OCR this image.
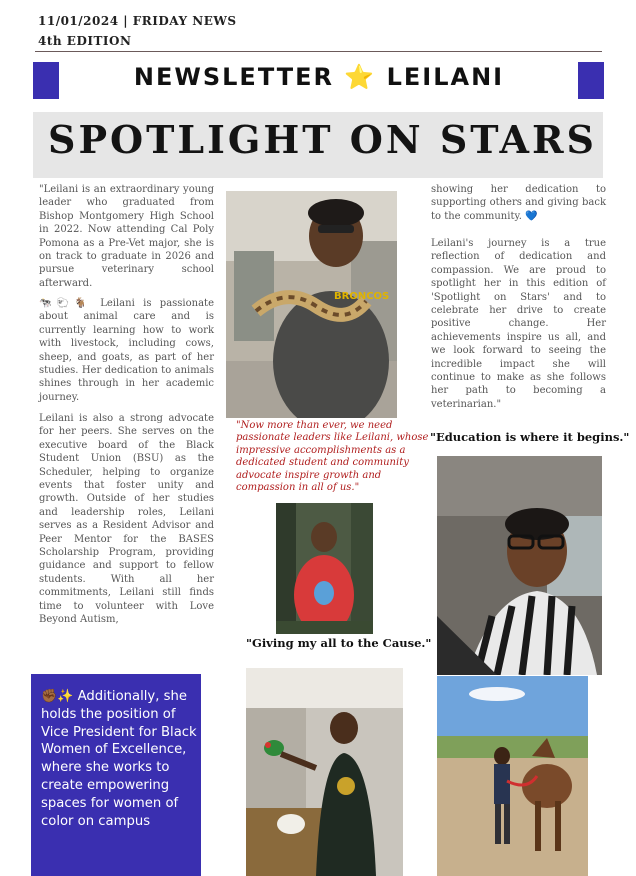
11/01/2024 | FRIDAY NEWS
4th EDITION
NEWSLETTER ⭐ LEILANI
SPOTLIGHT ON STARS
"Leilani is an extraordinary young leader who graduated from Bishop Montgomery High School in 2022. Now attending Cal Poly Pomona as a Pre-Vet major, she is on track to graduate in 2026 and pursue veterinary school afterward.
🐄🐑🐐 Leilani is passionate about animal care and is currently learning how to work with livestock, including cows, sheep, and goats, as part of her studies. Her dedication to animals shines through in her academic journey.
Leilani is also a strong advocate for her peers. She serves on the executive board of the Black Student Union (BSU) as the Scheduler, helping to organize events that foster unity and growth. Outside of her studies and leadership roles, Leilani serves as a Resident Advisor and Peer Mentor for the BASES Scholarship Program, providing guidance and support to fellow students. With all her commitments, Leilani still finds time to volunteer with Love Beyond Autism,
showing her dedication to supporting others and giving back to the community. 💙
Leilani's journey is a true reflection of dedication and compassion. We are proud to spotlight her in this edition of 'Spotlight on Stars' and to celebrate her drive to create positive change. Her achievements inspire us all, and we look forward to seeing the incredible impact she will continue to make as she follows her path to becoming a veterinarian."
BRONCOS
"Now more than ever, we need passionate leaders like Leilani, whose impressive accomplishments as a dedicated student and community advocate inspire growth and compassion in all of us."
"Giving my all to the Cause."
"Education is where it begins."
✊🏾✨ Additionally, she holds the position of Vice President for Black Women of Excellence, where she works to create empowering spaces for women of color on campus
